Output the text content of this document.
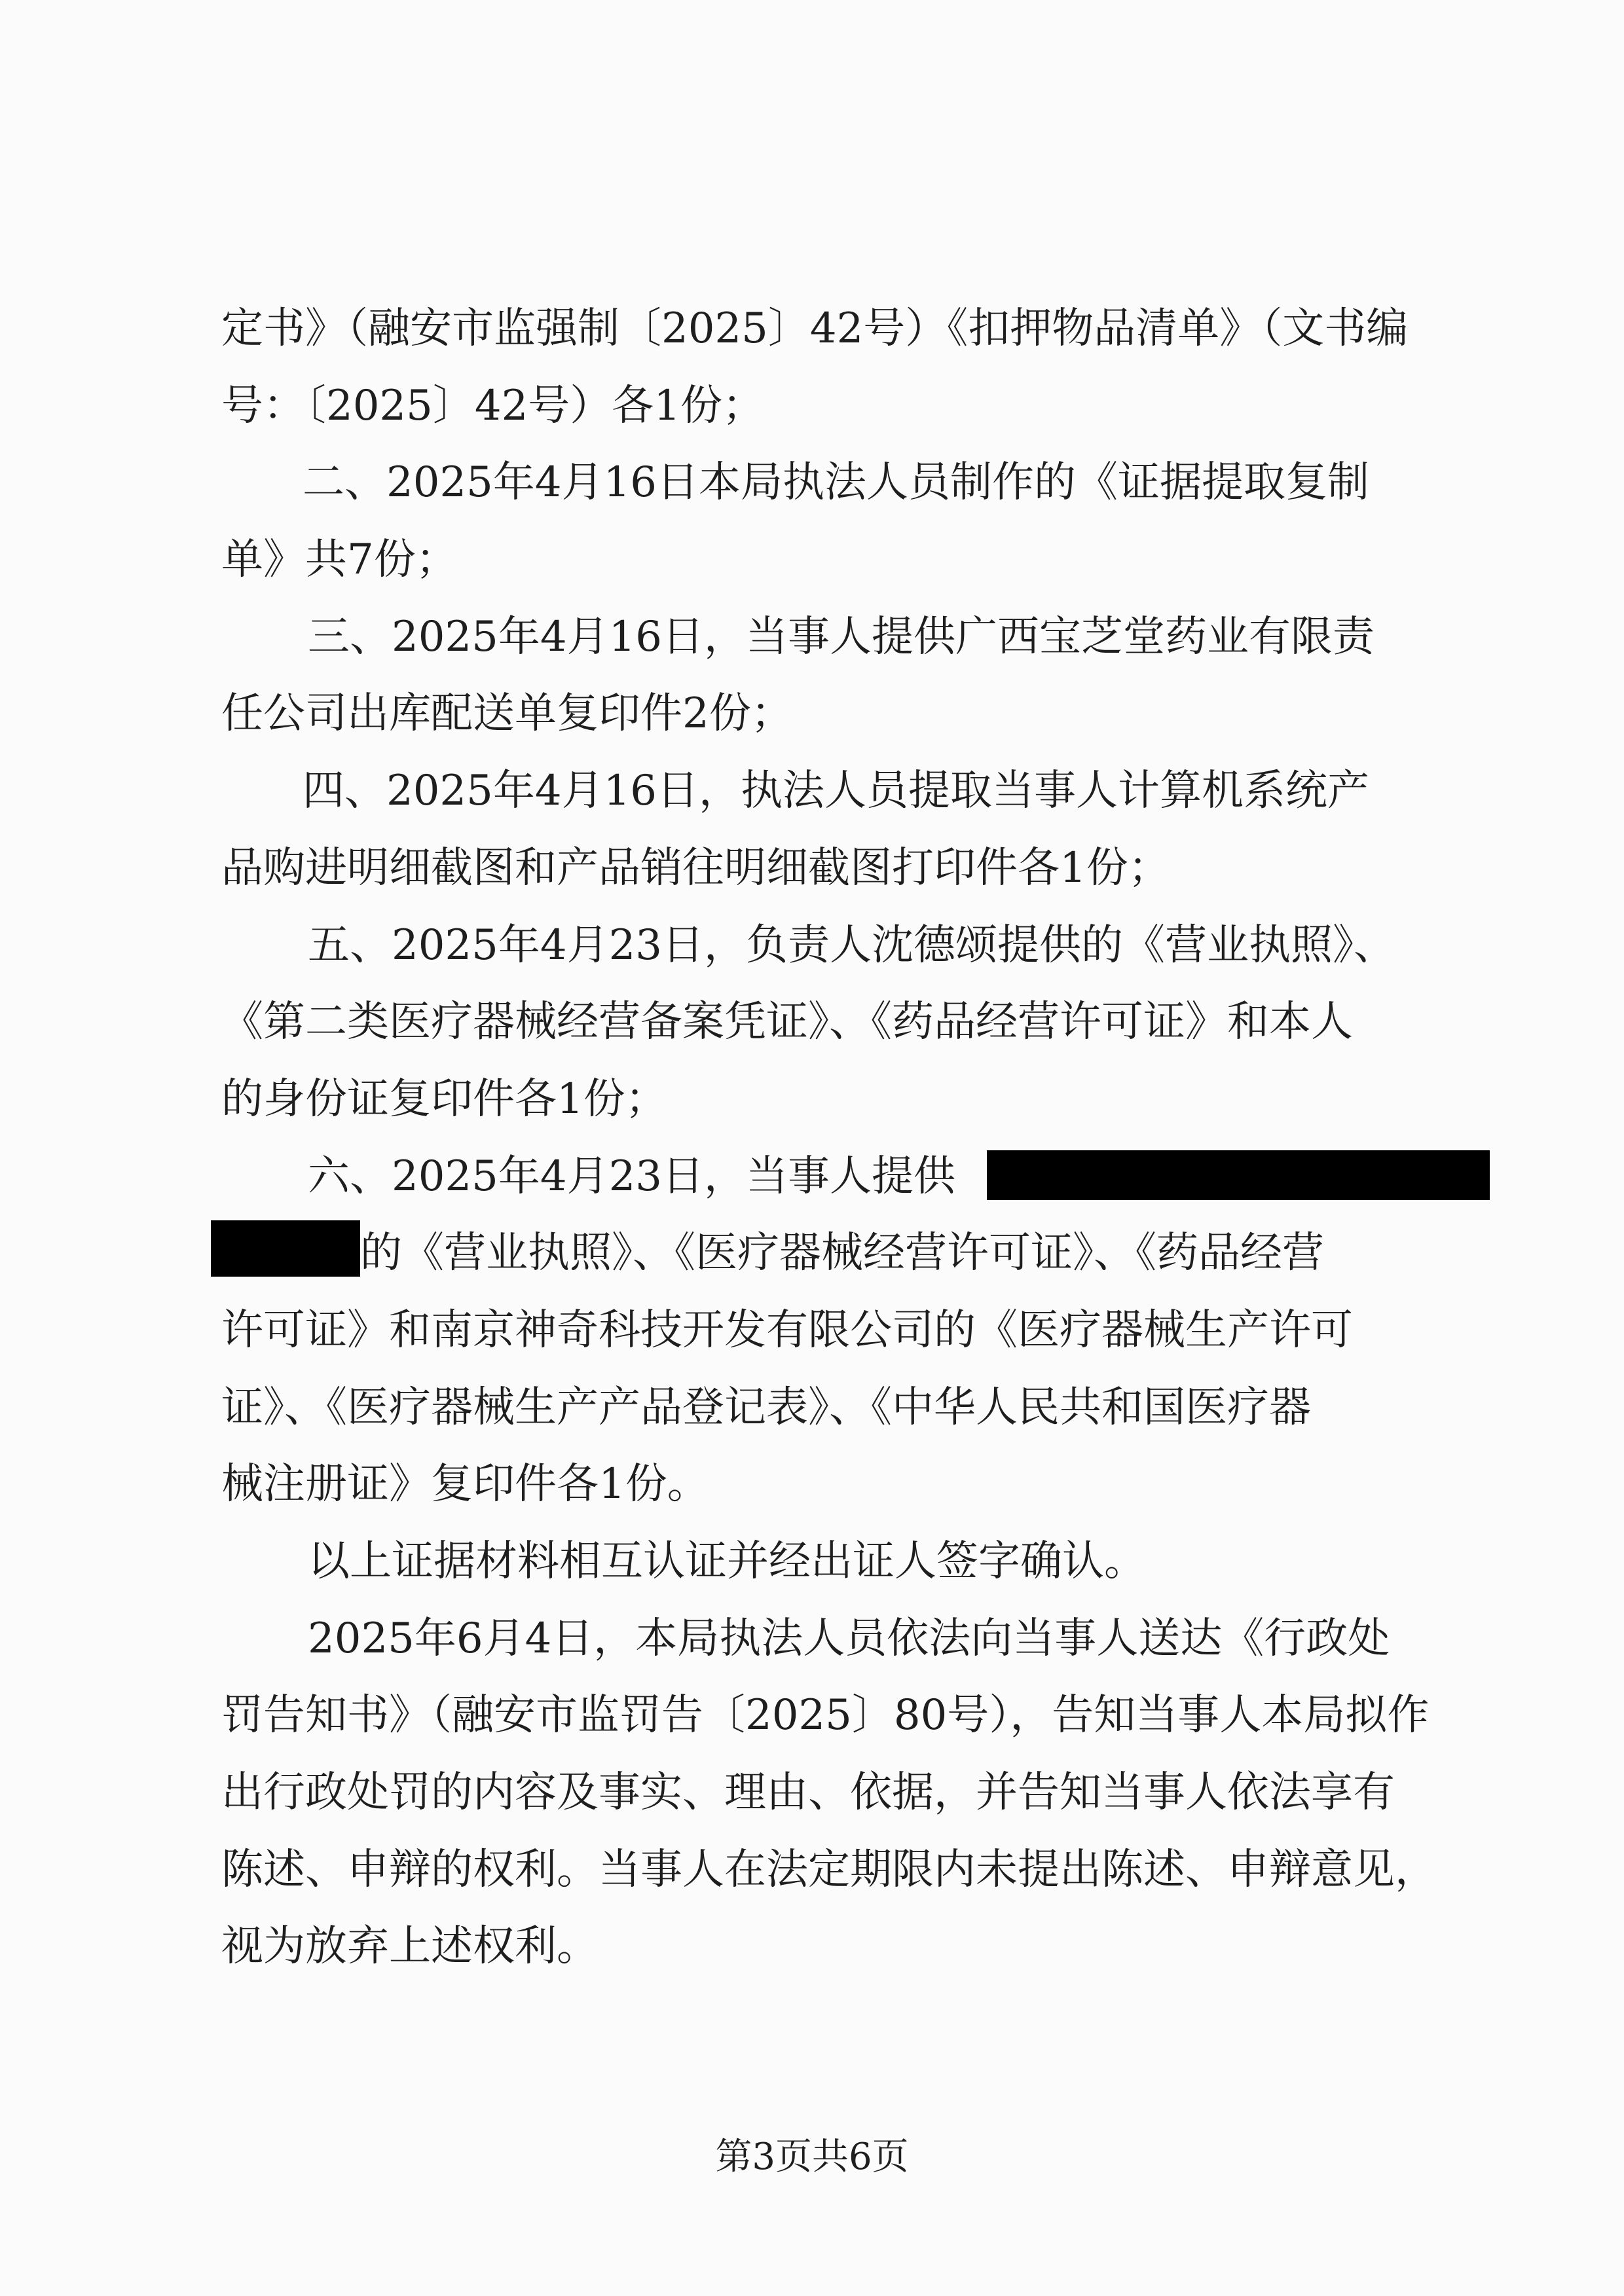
定书》（融安市监强制〔2025〕42号）《扣押物品清单》（文书编

号：〔2025〕42号）各1份；

二、2025年4月16日本局执法人员制作的《证据提取复制

单》共7份；

三、2025年4月16日，当事人提供广西宝芝堂药业有限责

任公司出库配送单复印件2份；

四、2025年4月16日，执法人员提取当事人计算机系统产

品购进明细截图和产品销往明细截图打印件各1份；

五、2025年4月23日，负责人沈德颂提供的《营业执照》、

《第二类医疗器械经营备案凭证》、《药品经营许可证》和本人

的身份证复印件各1份；

六、2025年4月23日，当事人提供

的《营业执照》、《医疗器械经营许可证》、《药品经营

许可证》和南京神奇科技开发有限公司的《医疗器械生产许可

证》、《医疗器械生产产品登记表》、《中华人民共和国医疗器

械注册证》复印件各1份。

以上证据材料相互认证并经出证人签字确认。

2025年6月4日，本局执法人员依法向当事人送达《行政处

罚告知书》（融安市监罚告〔2025〕80号），告知当事人本局拟作

出行政处罚的内容及事实、理由、依据，并告知当事人依法享有

陈述、申辩的权利。当事人在法定期限内未提出陈述、申辩意见，

视为放弃上述权利。

第3页共6页
